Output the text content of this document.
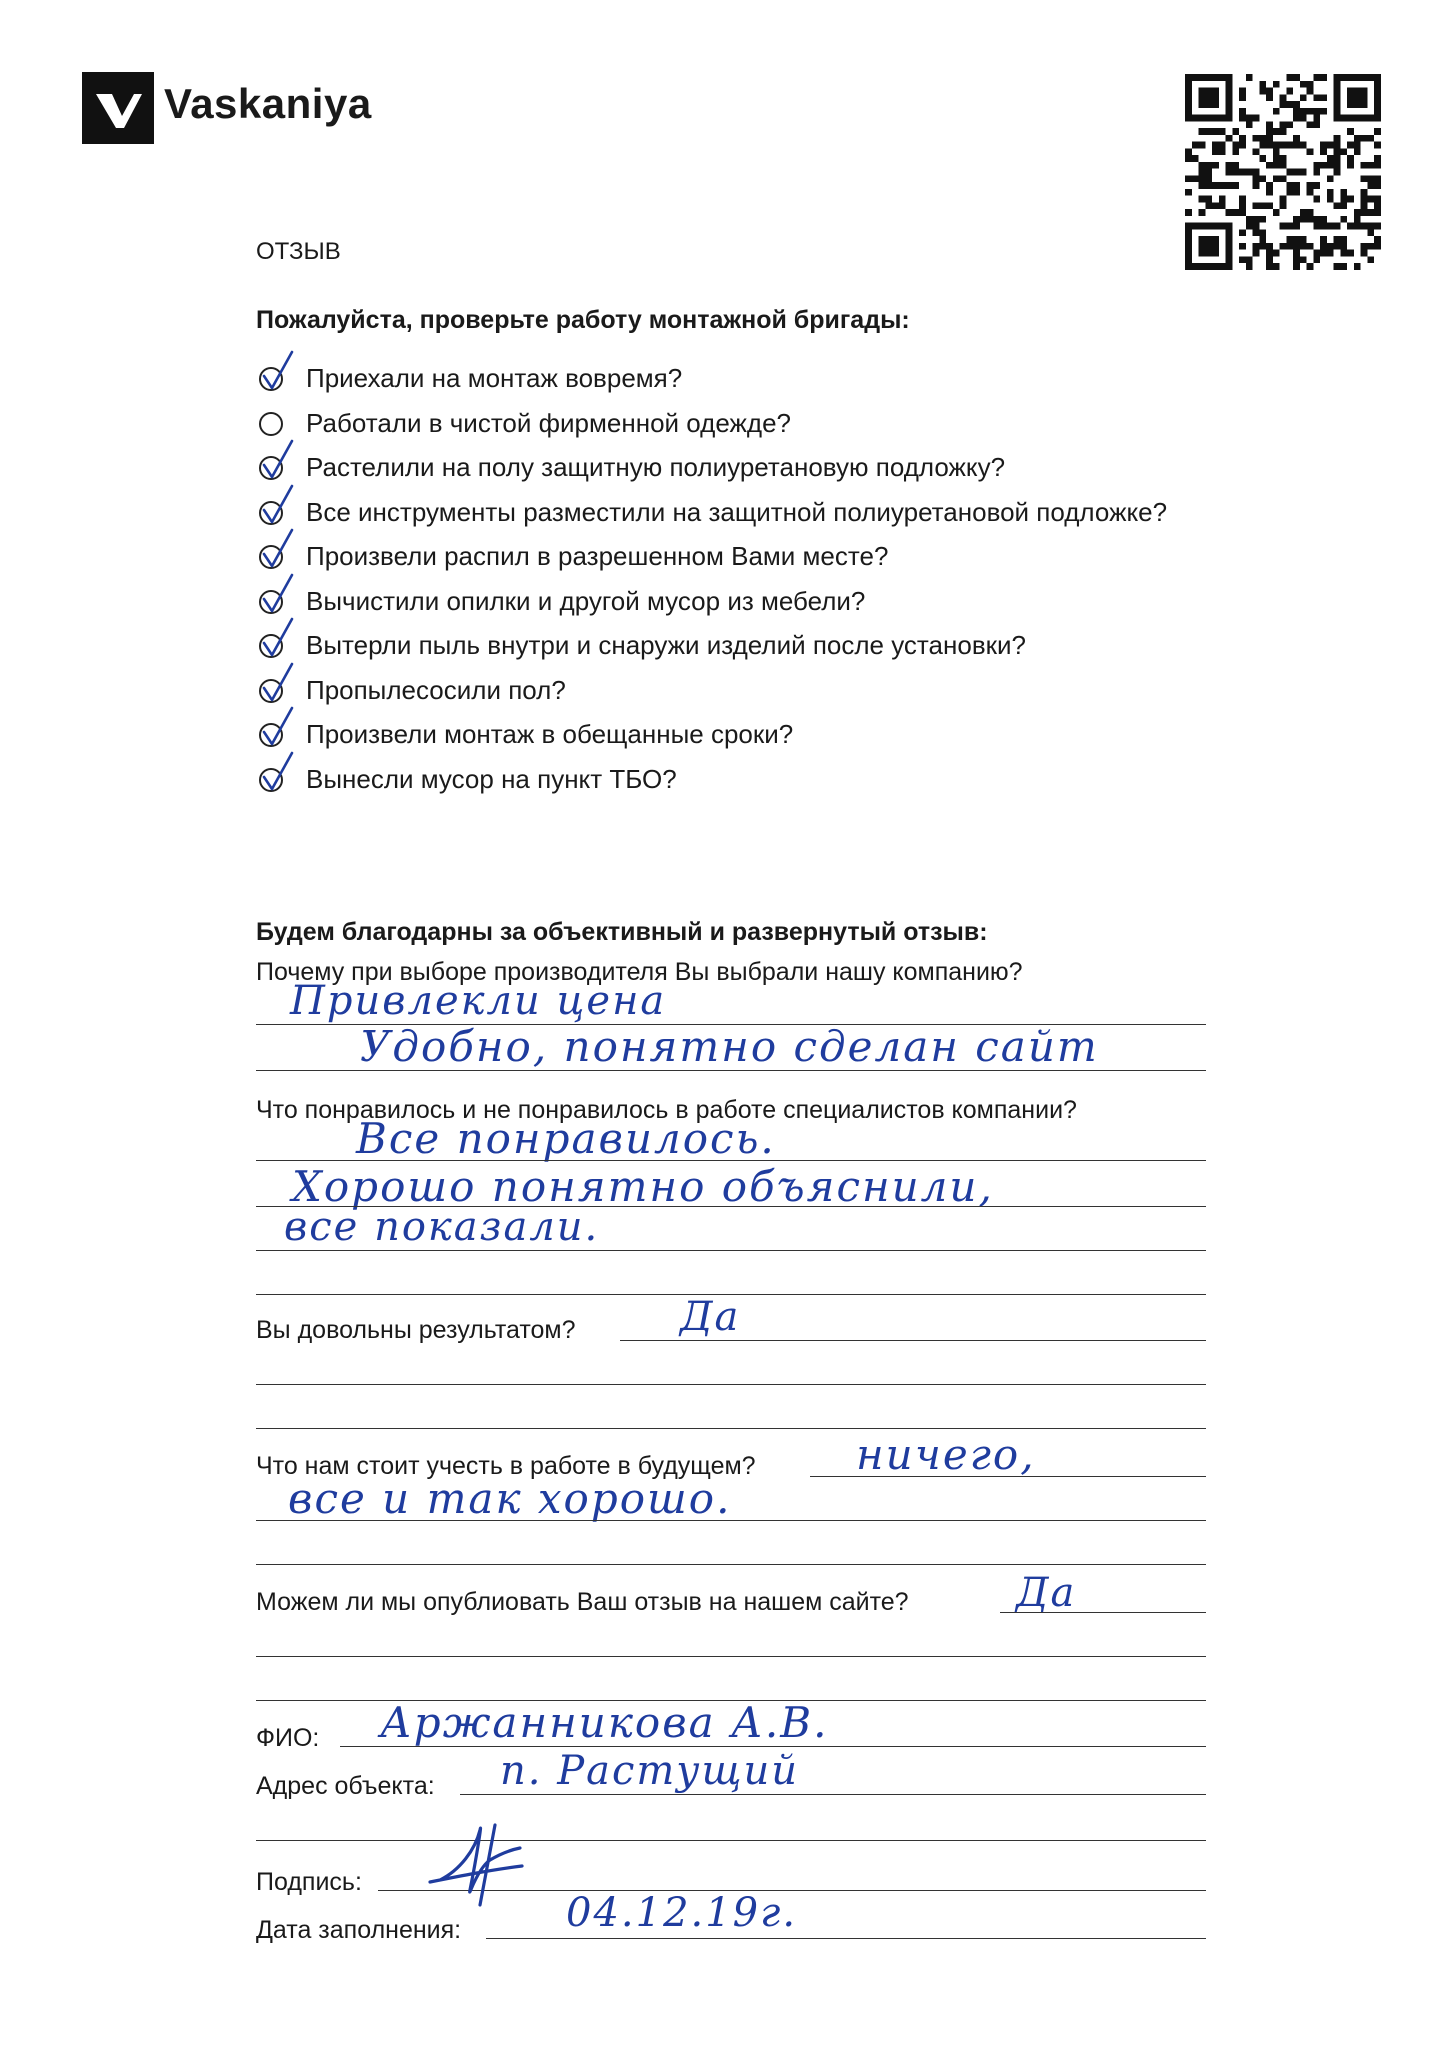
Vaskaniya
ОТЗЫВ
Пожалуйста, проверьте работу монтажной бригады:
Приехали на монтаж вовремя?
Работали в чистой фирменной одежде?
Растелили на полу защитную полиуретановую подложку?
Все инструменты разместили на защитной полиуретановой подложке?
Произвели распил в разрешенном Вами месте?
Вычистили опилки и другой мусор из мебели?
Вытерли пыль внутри и снаружи изделий после установки?
Пропылесосили пол?
Произвели монтаж в обещанные сроки?
Вынесли мусор на пункт ТБО?
Будем благодарны за объективный и развернутый отзыв:
Почему при выборе производителя Вы выбрали нашу компанию?
Привлекли цена
Удобно, понятно сделан сайт
Что понравилось и не понравилось в работе специалистов компании?
Все понравилось.
Хорошо понятно объяснили,
все показали.
Вы довольны результатом?	Да
Что нам стоит учесть в работе в будущем? ничего,
все и так хорошо.
Можем ли мы опублиовать Ваш отзыв на нашем сайте?	Да
ФИО: Аржанникова А.В.
Адрес объекта: п. Растущий
Подпись:
Дата заполнения:	04.12.19г.
